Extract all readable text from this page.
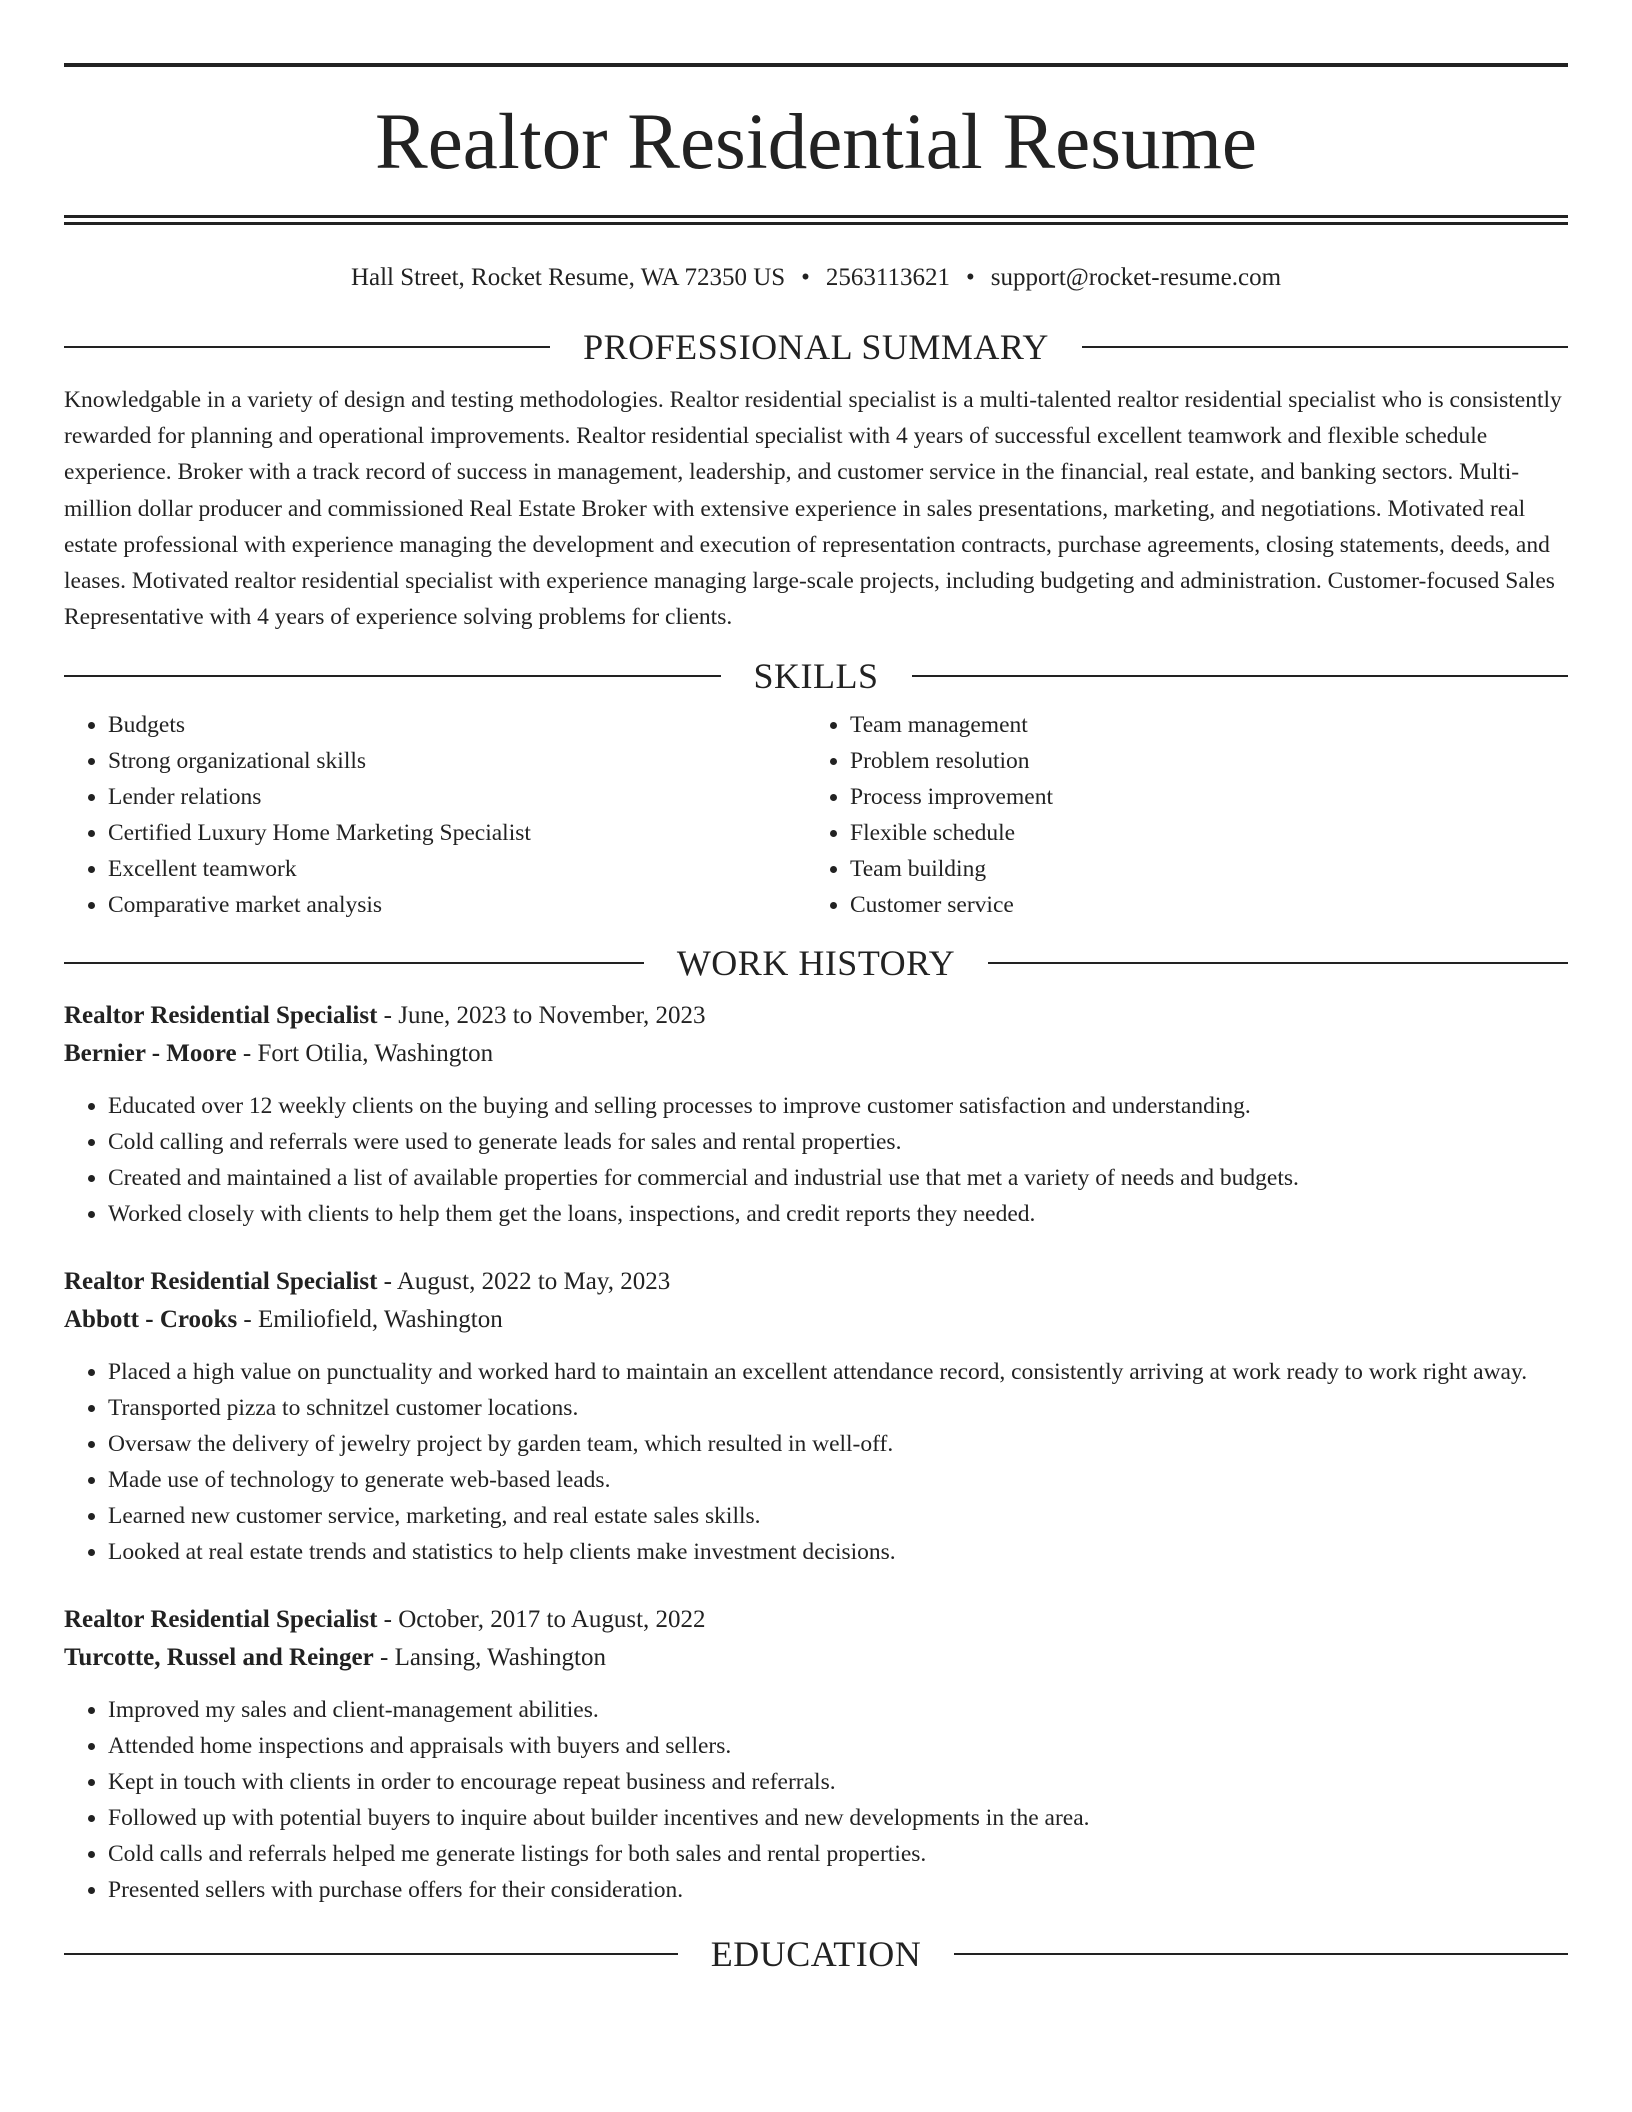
Realtor Residential Resume
Hall Street, Rocket Resume, WA 72350 US • 2563113621 • support@rocket-resume.com
PROFESSIONAL SUMMARY

Knowledgable in a variety of design and testing methodologies. Realtor residential specialist is a multi-talented realtor residential specialist who is consistently rewarded for planning and operational improvements. Realtor residential specialist with 4 years of successful excellent teamwork and flexible schedule experience. Broker with a track record of success in management, leadership, and customer service in the financial, real estate, and banking sectors. Multi-million dollar producer and commissioned Real Estate Broker with extensive experience in sales presentations, marketing, and negotiations. Motivated real estate professional with experience managing the development and execution of representation contracts, purchase agreements, closing statements, deeds, and leases. Motivated realtor residential specialist with experience managing large-scale projects, including budgeting and administration. Customer-focused Sales Representative with 4 years of experience solving problems for clients.

SKILLS
• Budgets
• Strong organizational skills
• Lender relations
• Certified Luxury Home Marketing Specialist
• Excellent teamwork
• Comparative market analysis
• Team management
• Problem resolution
• Process improvement
• Flexible schedule
• Team building
• Customer service
WORK HISTORY
Realtor Residential Specialist - June, 2023 to November, 2023
Bernier - Moore - Fort Otilia, Washington
• Educated over 12 weekly clients on the buying and selling processes to improve customer satisfaction and understanding.
• Cold calling and referrals were used to generate leads for sales and rental properties.
• Created and maintained a list of available properties for commercial and industrial use that met a variety of needs and budgets.
• Worked closely with clients to help them get the loans, inspections, and credit reports they needed.
Realtor Residential Specialist - August, 2022 to May, 2023
Abbott - Crooks - Emiliofield, Washington
• Placed a high value on punctuality and worked hard to maintain an excellent attendance record, consistently arriving at work ready to work right away.
• Transported pizza to schnitzel customer locations.
• Oversaw the delivery of jewelry project by garden team, which resulted in well-off.
• Made use of technology to generate web-based leads.
• Learned new customer service, marketing, and real estate sales skills.
• Looked at real estate trends and statistics to help clients make investment decisions.
Realtor Residential Specialist - October, 2017 to August, 2022
Turcotte, Russel and Reinger - Lansing, Washington
• Improved my sales and client-management abilities.
• Attended home inspections and appraisals with buyers and sellers.
• Kept in touch with clients in order to encourage repeat business and referrals.
• Followed up with potential buyers to inquire about builder incentives and new developments in the area.
• Cold calls and referrals helped me generate listings for both sales and rental properties.
• Presented sellers with purchase offers for their consideration.
EDUCATION
